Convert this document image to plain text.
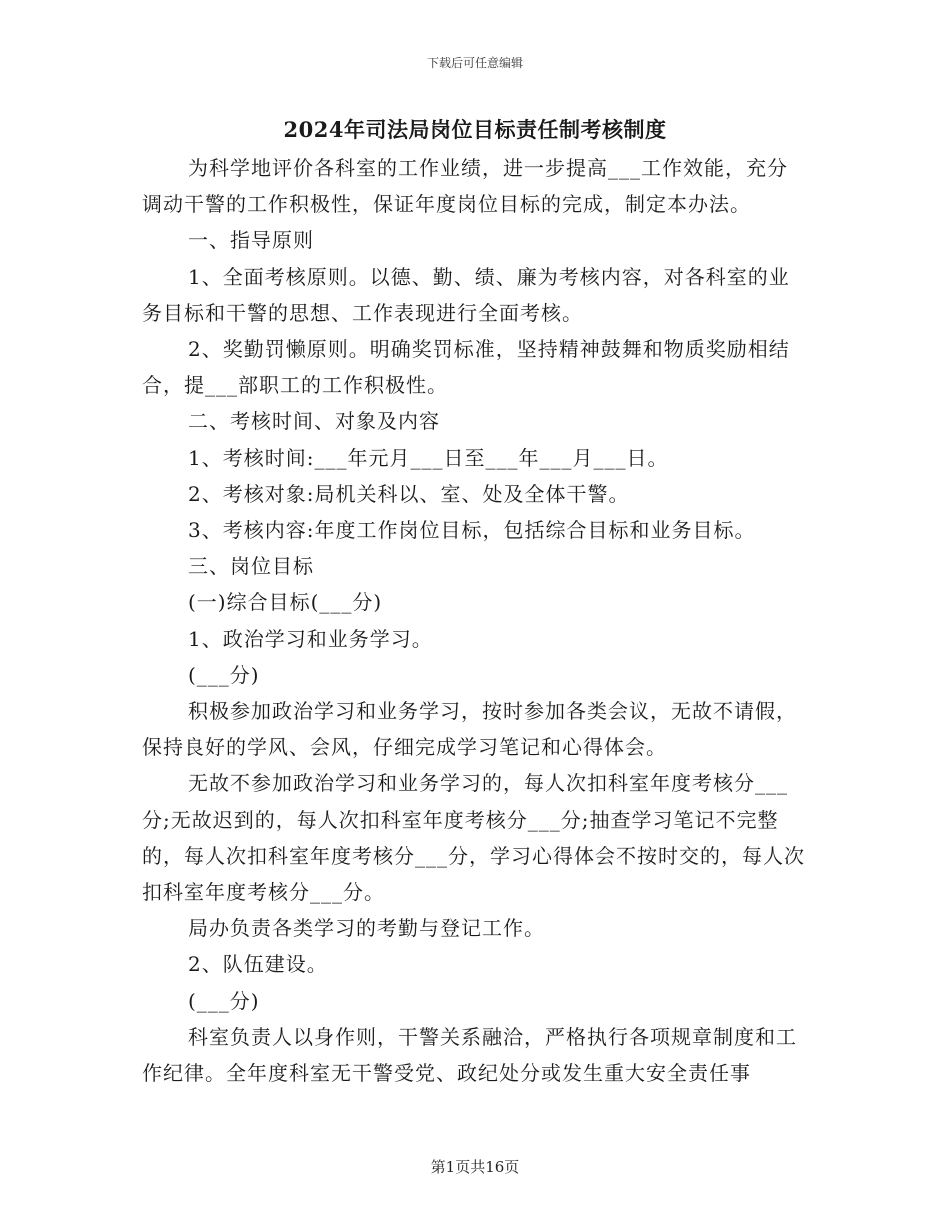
下载后可任意编辑
2024年司法局岗位目标责任制考核制度

为科学地评价各科室的工作业绩，进一步提高___工作效能，充分调动干警的工作积极性，保证年度岗位目标的完成，制定本办法。

一、指导原则

1、全面考核原则。以德、勤、绩、廉为考核内容，对各科室的业务目标和干警的思想、工作表现进行全面考核。

2、奖勤罚懒原则。明确奖罚标准，坚持精神鼓舞和物质奖励相结合，提___部职工的工作积极性。

二、考核时间、对象及内容

1、考核时间:___年元月___日至___年___月___日。

2、考核对象:局机关科以、室、处及全体干警。

3、考核内容:年度工作岗位目标，包括综合目标和业务目标。

三、岗位目标

(一)综合目标(___分)

1、政治学习和业务学习。

(___分)

积极参加政治学习和业务学习，按时参加各类会议，无故不请假，保持良好的学风、会风，仔细完成学习笔记和心得体会。

无故不参加政治学习和业务学习的，每人次扣科室年度考核分___分;无故迟到的，每人次扣科室年度考核分___分;抽查学习笔记不完整的，每人次扣科室年度考核分___分，学习心得体会不按时交的，每人次扣科室年度考核分___分。

局办负责各类学习的考勤与登记工作。

2、队伍建设。

(___分)

科室负责人以身作则，干警关系融洽，严格执行各项规章制度和工作纪律。全年度科室无干警受党、政纪处分或发生重大安全责任事

第1页共16页
